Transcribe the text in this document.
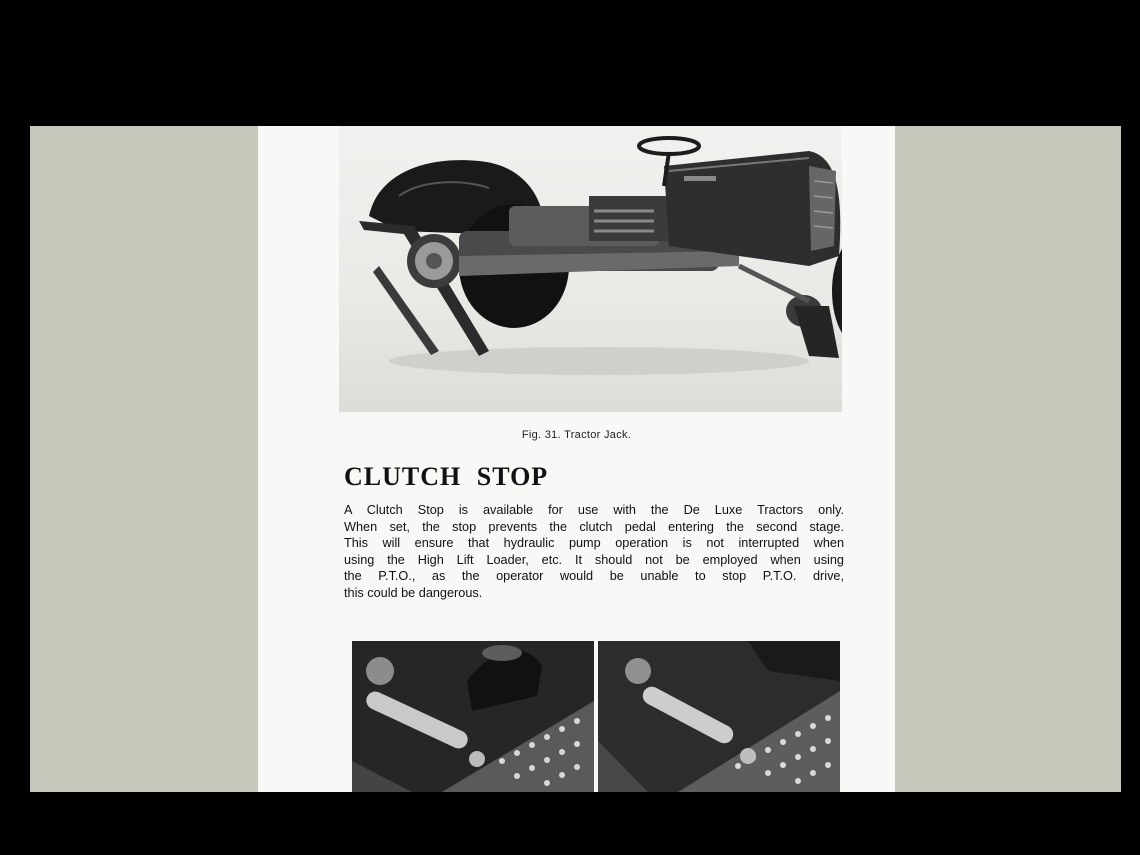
Fig. 31. Tractor Jack.

CLUTCH STOP
A Clutch Stop is available for use with the De Luxe Tractors only.
When set, the stop prevents the clutch pedal entering the second stage.
This will ensure that hydraulic pump operation is not interrupted when
using the High Lift Loader, etc. It should not be employed when using
the P.T.O., as the operator would be unable to stop P.T.O. drive,
this could be dangerous.
